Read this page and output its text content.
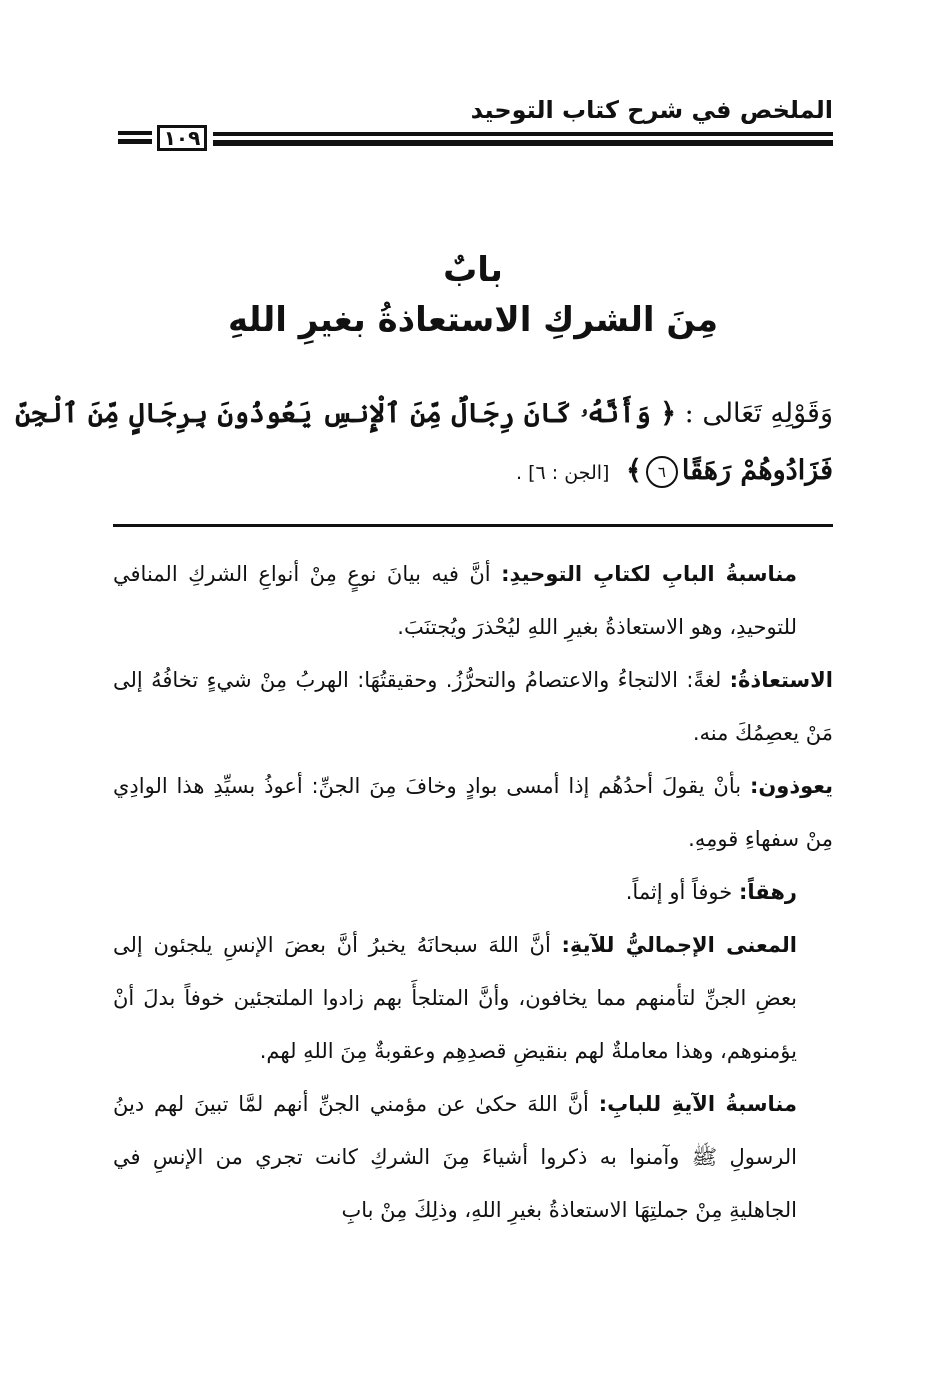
الملخص في شرح كتاب التوحيد
١٠٩
بابٌ
مِنَ الشركِ الاستعاذةُ بغيرِ اللهِ
وَقَوْلِهِ تَعَالى : ﴿ وَأَنَّهُۥ كَانَ رِجَالٌ مِّنَ ٱلْإِنسِ يَعُوذُونَ بِرِجَالٍ مِّنَ ٱلْجِنِّ
فَزَادُوهُمْ رَهَقًا٦﴾ [الجن : ٦] .

مناسبةُ البابِ لكتابِ التوحيدِ: أنَّ فيه بيانَ نوعٍ مِنْ أنواعِ الشركِ المنافي للتوحيدِ، وهو الاستعاذةُ بغيرِ اللهِ ليُحْذرَ ويُجتنَبَ.

الاستعاذةُ: لغةً: الالتجاءُ والاعتصامُ والتحرُّزُ. وحقيقتُهَا: الهربُ مِنْ شيءٍ تخافُهُ إلى مَنْ يعصِمُكَ منه.

يعوذون: بأنْ يقولَ أحدُهُم إذا أمسى بوادٍ وخافَ مِنَ الجنِّ: أعوذُ بسيِّدِ هذا الوادِي مِنْ سفهاءِ قومِهِ.

رهقاً: خوفاً أو إثماً.

المعنى الإجماليُّ للآيةِ: أنَّ اللهَ سبحانَهُ يخبرُ أنَّ بعضَ الإنسِ يلجئون إلى بعضِ الجنِّ لتأمنهم مما يخافون، وأنَّ المتلجأَ بهم زادوا الملتجئين خوفاً بدلَ أنْ يؤمنوهم، وهذا معاملةٌ لهم بنقيضِ قصدِهِم وعقوبةٌ مِنَ اللهِ لهم.

مناسبةُ الآيةِ للبابِ: أنَّ اللهَ حكىٰ عن مؤمني الجنِّ أنهم لمَّا تبينَ لهم دينُ الرسولِ ﷺ وآمنوا به ذكروا أشياءَ مِنَ الشركِ كانت تجري من الإنسِ في الجاهليةِ مِنْ جملتِهَا الاستعاذةُ بغيرِ اللهِ، وذلِكَ مِنْ بابِ
